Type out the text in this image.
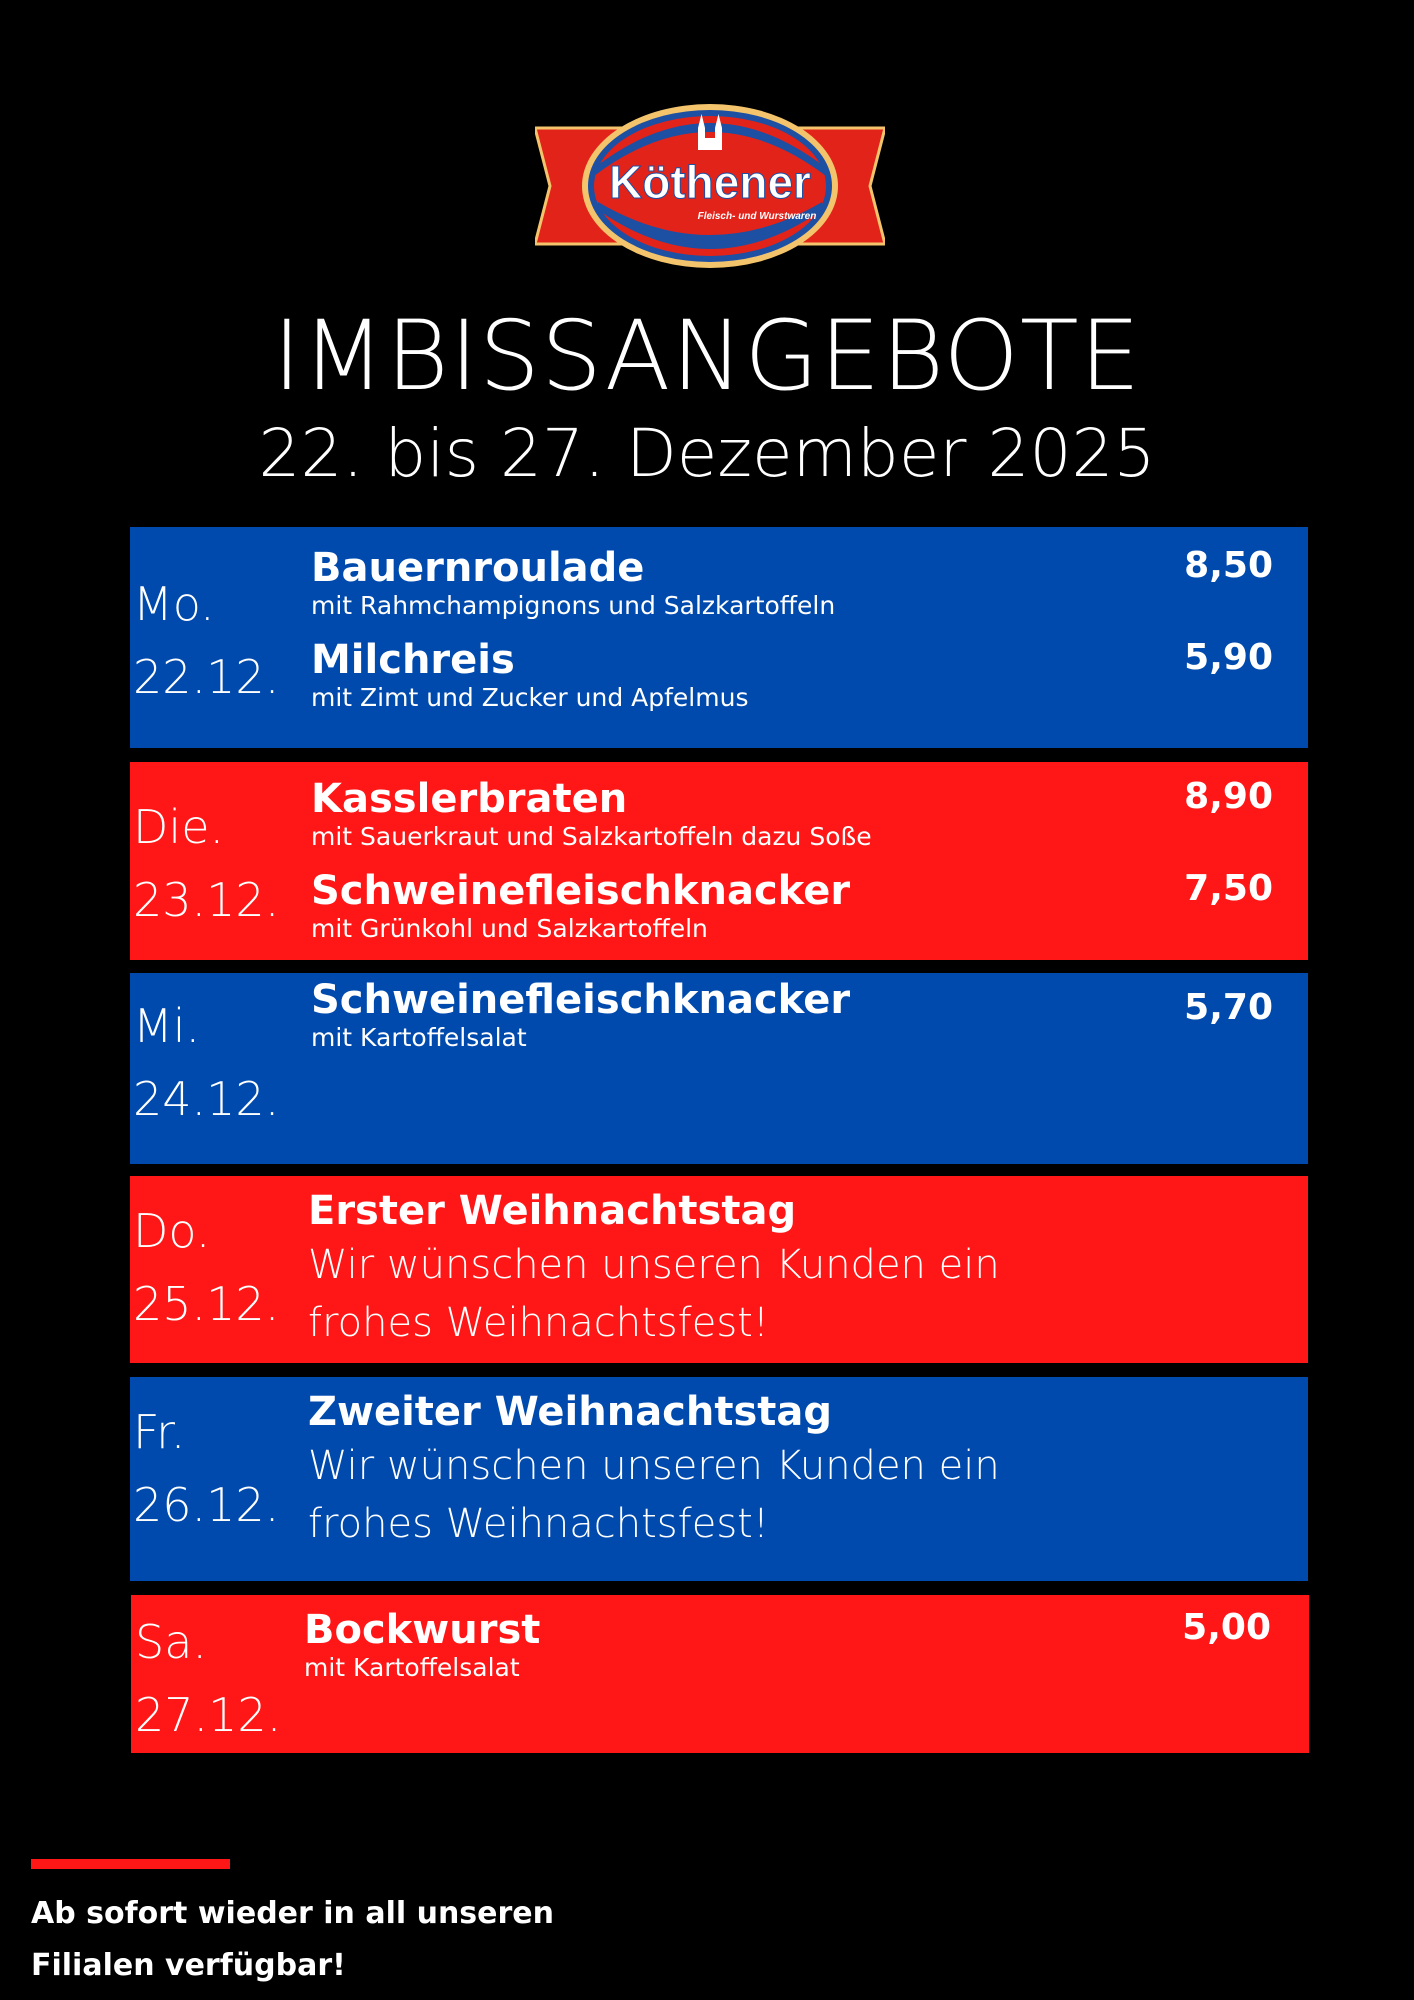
Köthener
Fleisch- und Wurstwaren
IMBISSANGEBOTE
22. bis 27. Dezember 2025
Mo.
22.12.
Bauernroulade
mit Rahmchampignons und Salzkartoffeln
8,50
Milchreis
mit Zimt und Zucker und Apfelmus
5,90
Die.
23.12.
Kasslerbraten
mit Sauerkraut und Salzkartoffeln dazu Soße
8,90
Schweinefleischknacker
mit Grünkohl und Salzkartoffeln
7,50
Mi.
24.12.
Schweinefleischknacker
mit Kartoffelsalat
5,70
Do.
25.12.
Erster Weihnachtstag
Wir wünschen unseren Kunden ein frohes Weihnachtsfest!
Fr.
26.12.
Zweiter Weihnachtstag
Wir wünschen unseren Kunden ein frohes Weihnachtsfest!
Sa.
27.12.
Bockwurst
mit Kartoffelsalat
5,00
Ab sofort wieder in all unseren Filialen verfügbar!
